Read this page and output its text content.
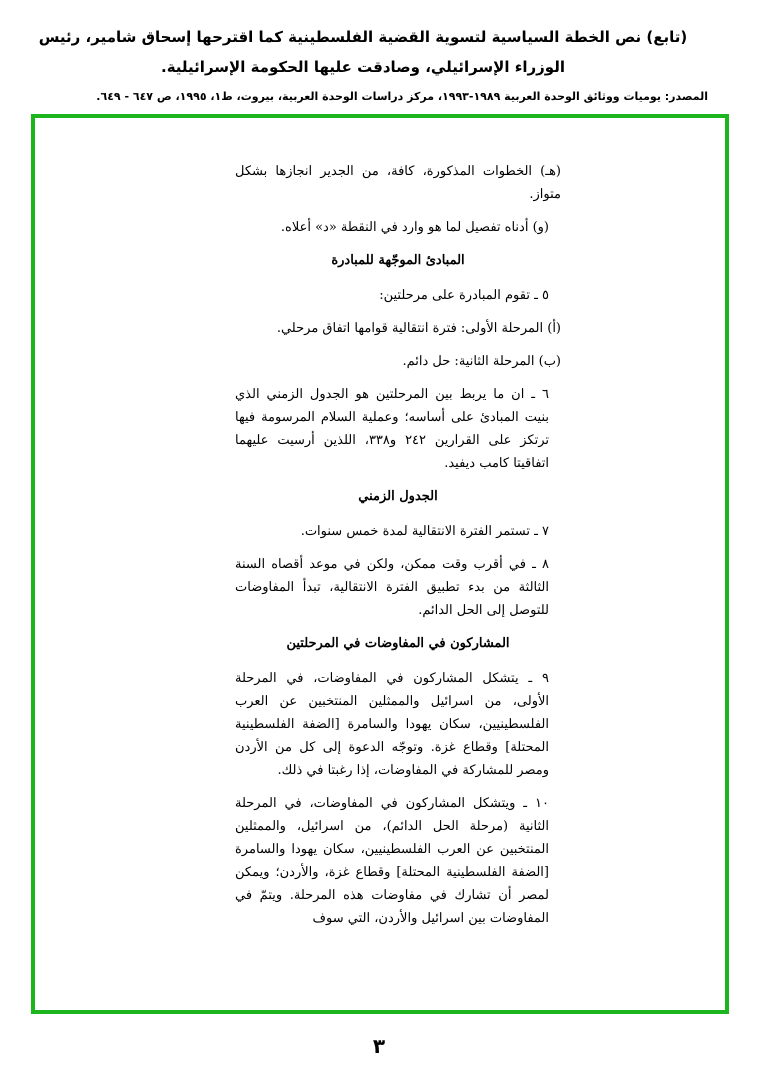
(تابع) نص الخطة السياسية لتسوية القضية الفلسطينية كما اقترحها إسحاق شامير، رئيس الوزراء الإسرائيلي، وصادقت عليها الحكومة الإسرائيلية.

المصدر: يوميات ووثائق الوحدة العربية ١٩٨٩-١٩٩٣، مركز دراسات الوحدة العربية، بيروت، ط١، ١٩٩٥، ص ٦٤٧ - ٦٤٩.

(هـ) الخطوات المذكورة، كافة، من الجدير انجازها بشكل متواز.

(و) أدناه تفصيل لما هو وارد في النقطة «د» أعلاه.

المبادئ الموجّهة للمبادرة

٥ ـ تقوم المبادرة على مرحلتين:

(أ) المرحلة الأولى: فترة انتقالية قوامها اتفاق مرحلي.

(ب) المرحلة الثانية: حل دائم.

٦ ـ ان ما يربط بين المرحلتين هو الجدول الزمني الذي بنيت المبادئ على أساسه؛ وعملية السلام المرسومة فيها ترتكز على القرارين ٢٤٢ و٣٣٨، اللذين أرسيت عليهما اتفاقيتا كامب ديفيد.

الجدول الزمني

٧ ـ تستمر الفترة الانتقالية لمدة خمس سنوات.

٨ ـ في أقرب وقت ممكن، ولكن في موعد أقصاه السنة الثالثة من بدء تطبيق الفترة الانتقالية، تبدأ المفاوضات للتوصل إلى الحل الدائم.

المشاركون في المفاوضات في المرحلتين

٩ ـ يتشكل المشاركون في المفاوضات، في المرحلة الأولى، من اسرائيل والممثلين المنتخبين عن العرب الفلسطينيين، سكان يهودا والسامرة [الضفة الفلسطينية المحتلة] وقطاع غزة. وتوجّه الدعوة إلى كل من الأردن ومصر للمشاركة في المفاوضات، إذا رغبتا في ذلك.

١٠ ـ ويتشكل المشاركون في المفاوضات، في المرحلة الثانية (مرحلة الحل الدائم)، من اسرائيل، والممثلين المنتخبين عن العرب الفلسطينيين، سكان يهودا والسامرة [الضفة الفلسطينية المحتلة] وقطاع غزة، والأردن؛ ويمكن لمصر أن تشارك في مفاوضات هذه المرحلة. ويتمّ في المفاوضات بين اسرائيل والأردن، التي سوف

٣
